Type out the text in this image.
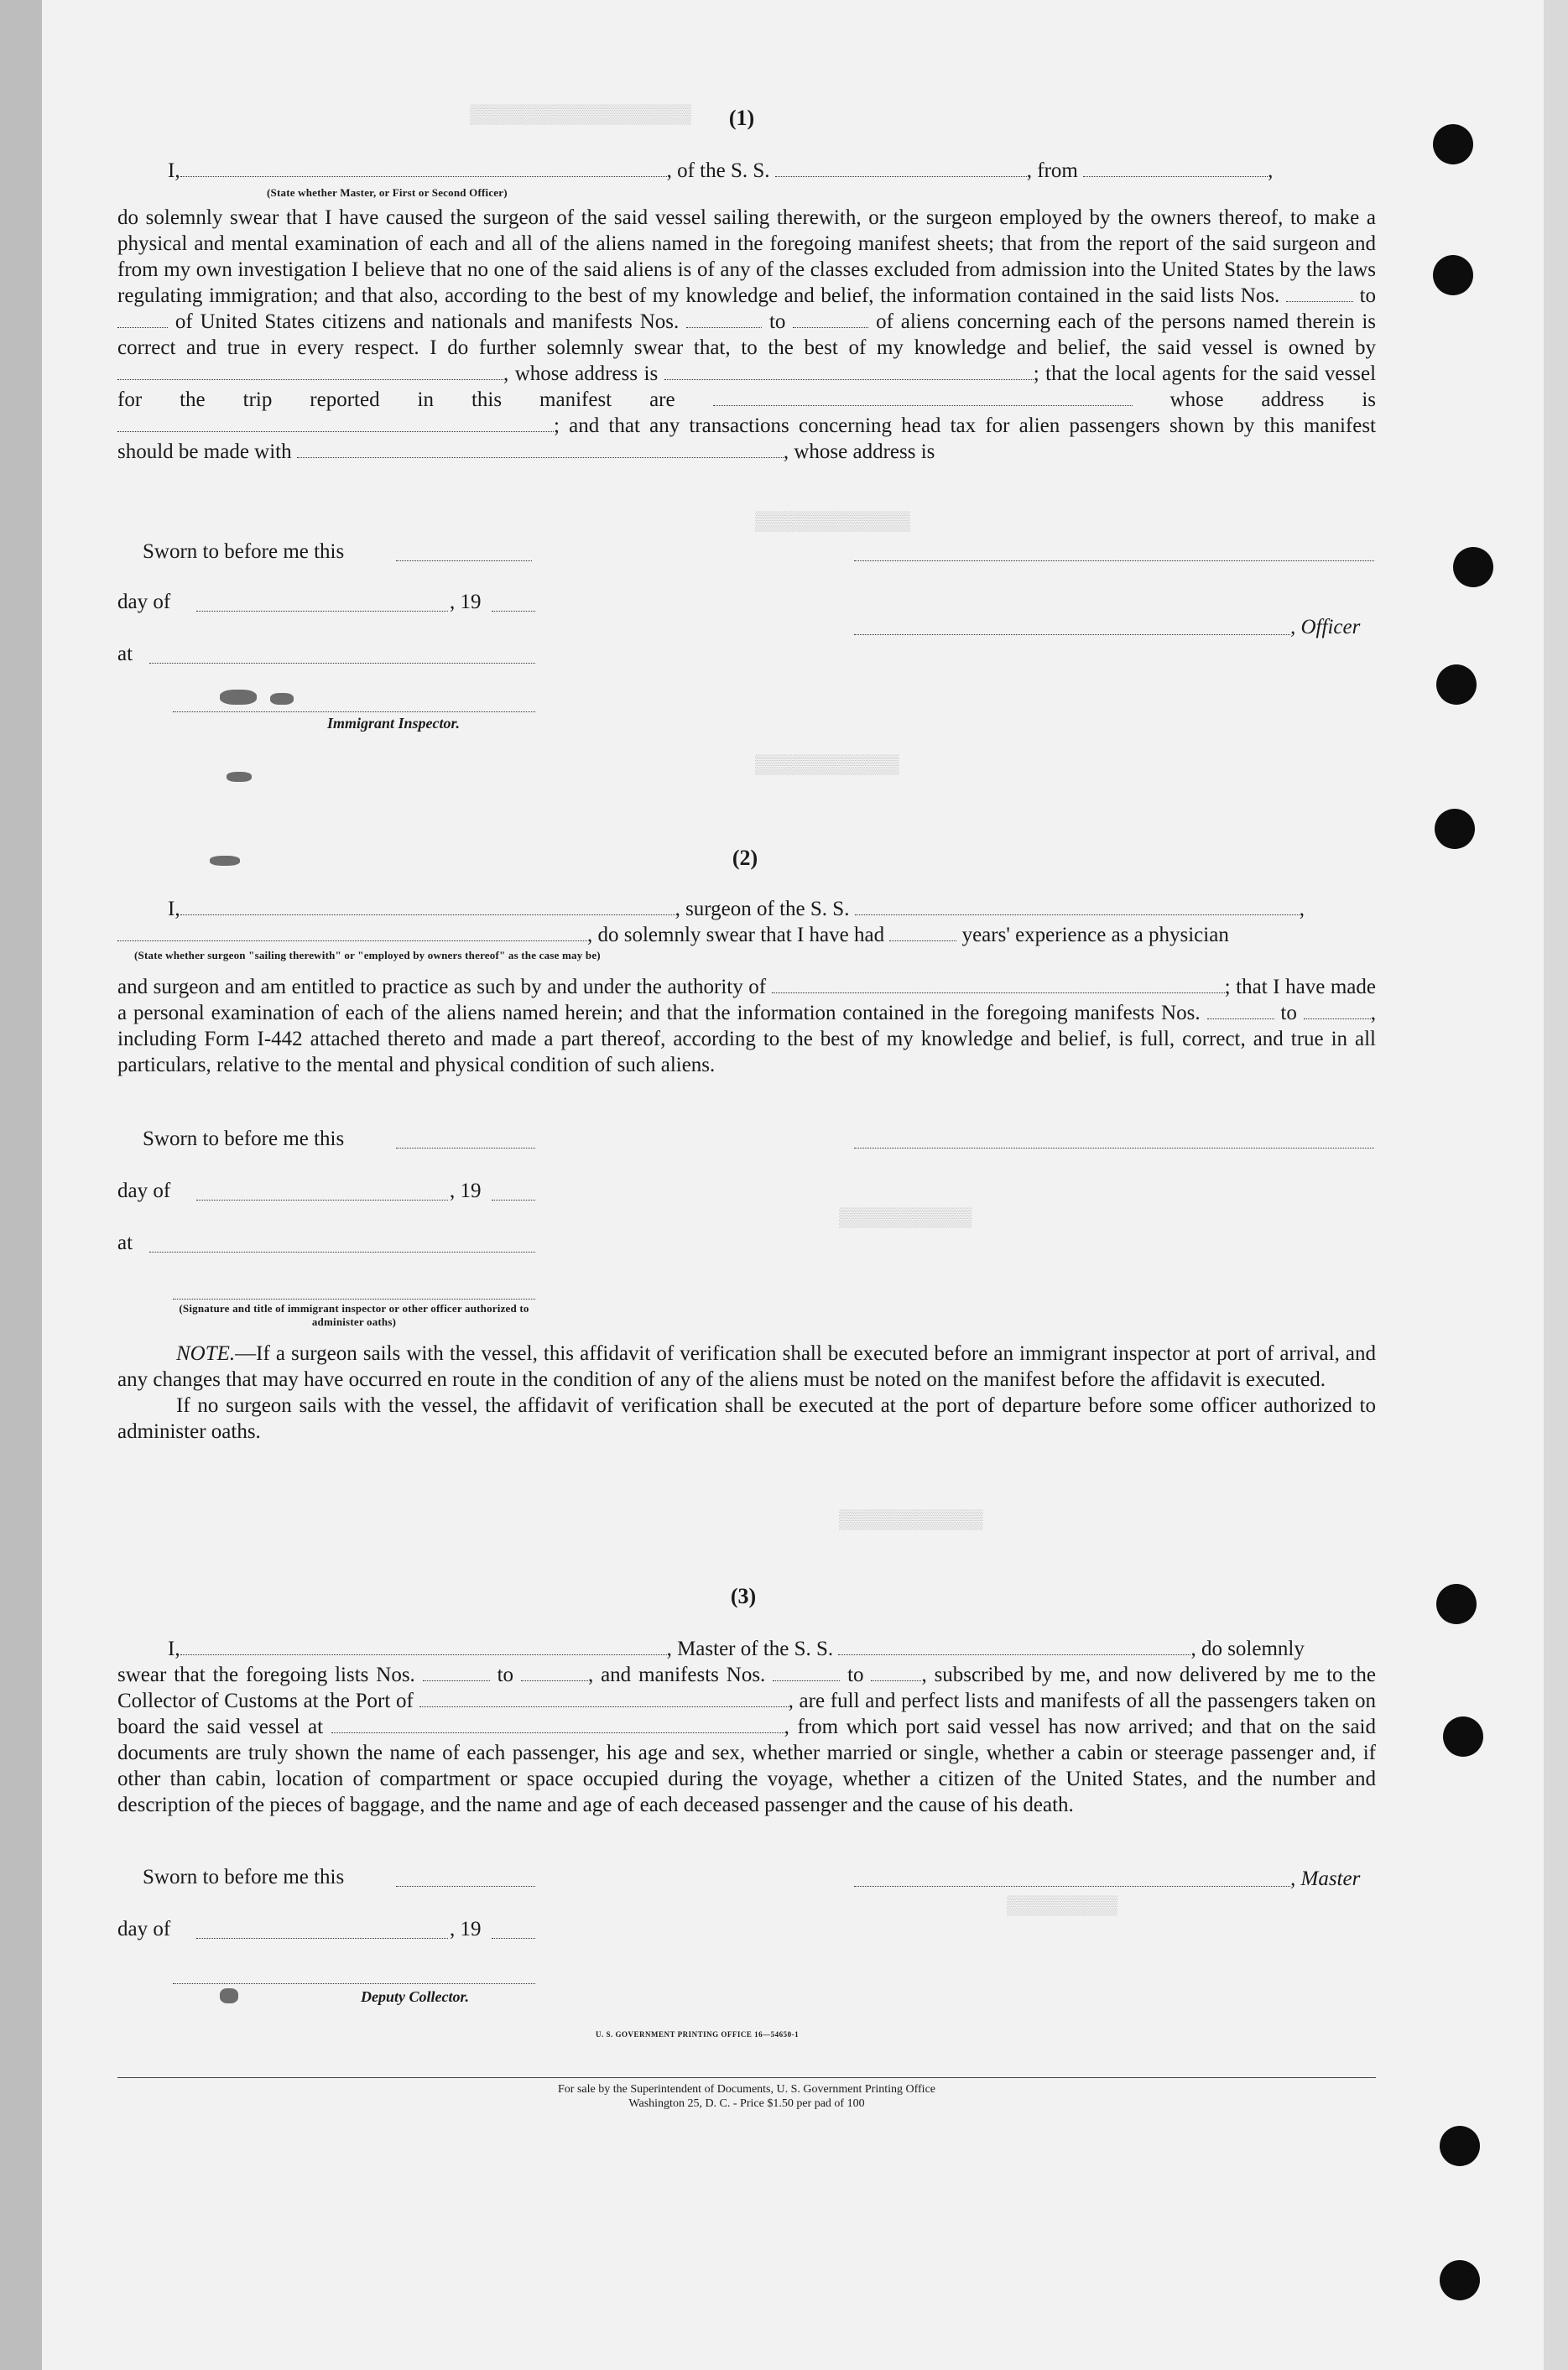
▒▒▒▒▒▒▒▒▒▒▒▒▒▒▒▒▒▒▒▒
▒▒▒▒▒▒▒▒▒▒▒▒▒▒
▒▒▒▒▒▒▒▒▒▒▒▒▒
▒▒▒▒▒▒▒▒▒▒▒▒
▒▒▒▒▒▒▒▒▒▒▒▒▒
▒▒▒▒▒▒▒▒▒▒
(1)
I,	, of the S. S.	, from	,
(State whether Master, or First or Second Officer)

do solemnly swear that I have caused the surgeon of the said vessel sailing therewith, or the surgeon employed by the owners thereof, to make a physical and mental examination of each and all of the aliens named in the foregoing manifest sheets; that from the report of the said surgeon and from my own investigation I believe that no one of the said aliens is of any of the classes excluded from admission into the United States by the laws regulating immigration; and that also, according to the best of my knowledge and belief, the information contained in the said lists Nos.	to  of United States citizens and nationals and manifests Nos.	to	of aliens concerning each of the persons named therein is correct and true in every respect. I do further solemnly swear that, to the best of my knowledge and belief, the said vessel is owned by , whose address is	; that the local agents for the said vessel for the trip reported in this manifest are	whose address is ; and that any transactions concerning head tax for alien passengers shown by this manifest should be made with	, whose address is

Sworn to before me this
day of	, 19
, Officer
at
Immigrant Inspector.
(2)
I,	, surgeon of the S. S.	,
, do solemnly swear that I have had	years' experience as a physician
(State whether surgeon "sailing therewith" or "employed by owners thereof" as the case may be)

and surgeon and am entitled to practice as such by and under the authority of	; that I have made a personal examination of each of the aliens named herein; and that the information contained in the foregoing manifests Nos.	to	, including Form I-442 attached thereto and made a part thereof, according to the best of my knowledge and belief, is full, correct, and true in all particulars, relative to the mental and physical condition of such aliens.

Sworn to before me this
day of	, 19
at
(Signature and title of immigrant inspector or other officer authorized to administer oaths)

NOTE.—If a surgeon sails with the vessel, this affidavit of verification shall be executed before an immigrant inspector at port of arrival, and any changes that may have occurred en route in the condition of any of the aliens must be noted on the manifest before the affidavit is executed.

If no surgeon sails with the vessel, the affidavit of verification shall be executed at the port of departure before some officer authorized to administer oaths.

(3)
I,	, Master of the S. S.	, do solemnly

swear that the foregoing lists Nos.	to	, and manifests Nos.	to	, subscribed by me, and now delivered by me to the Collector of Customs at the Port of	, are full and perfect lists and manifests of all the passengers taken on board the said vessel at	, from which port said vessel has now arrived; and that on the said documents are truly shown the name of each passenger, his age and sex, whether married or single, whether a cabin or steerage passenger and, if other than cabin, location of compartment or space occupied during the voyage, whether a citizen of the United States, and the number and description of the pieces of baggage, and the name and age of each deceased passenger and the cause of his death.

Sworn to before me this	, Master
day of	, 19
Deputy Collector.
U. S. GOVERNMENT PRINTING OFFICE 16—54650-1
For sale by the Superintendent of Documents, U. S. Government Printing Office
Washington 25, D. C. - Price $1.50 per pad of 100
